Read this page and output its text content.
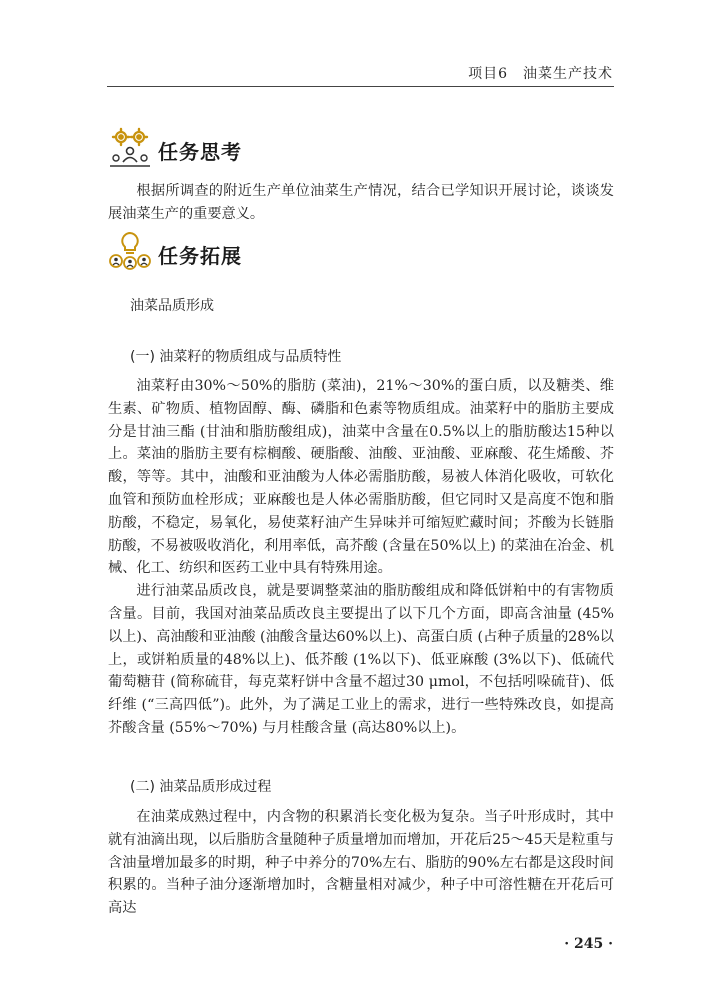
项目6　油菜生产技术
任务思考

根据所调查的附近生产单位油菜生产情况，结合已学知识开展讨论，谈谈发展油菜生产的重要意义。

任务拓展
油菜品质形成
(一) 油菜籽的物质组成与品质特性

油菜籽由30%～50%的脂肪 (菜油)，21%～30%的蛋白质，以及糖类、维生素、矿物质、植物固醇、酶、磷脂和色素等物质组成。油菜籽中的脂肪主要成分是甘油三酯 (甘油和脂肪酸组成)，油菜中含量在0.5%以上的脂肪酸达15种以上。菜油的脂肪主要有棕榈酸、硬脂酸、油酸、亚油酸、亚麻酸、花生烯酸、芥酸，等等。其中，油酸和亚油酸为人体必需脂肪酸，易被人体消化吸收，可软化血管和预防血栓形成；亚麻酸也是人体必需脂肪酸，但它同时又是高度不饱和脂肪酸，不稳定，易氧化，易使菜籽油产生异味并可缩短贮藏时间；芥酸为长链脂肪酸，不易被吸收消化，利用率低，高芥酸 (含量在50%以上) 的菜油在冶金、机械、化工、纺织和医药工业中具有特殊用途。

进行油菜品质改良，就是要调整菜油的脂肪酸组成和降低饼粕中的有害物质含量。目前，我国对油菜品质改良主要提出了以下几个方面，即高含油量 (45%以上)、高油酸和亚油酸 (油酸含量达60%以上)、高蛋白质 (占种子质量的28%以上，或饼粕质量的48%以上)、低芥酸 (1%以下)、低亚麻酸 (3%以下)、低硫代葡萄糖苷 (简称硫苷，每克菜籽饼中含量不超过30 μmol，不包括吲哚硫苷)、低纤维 (“三高四低”)。此外，为了满足工业上的需求，进行一些特殊改良，如提高芥酸含量 (55%～70%) 与月桂酸含量 (高达80%以上)。

(二) 油菜品质形成过程

在油菜成熟过程中，内含物的积累消长变化极为复杂。当子叶形成时，其中就有油滴出现，以后脂肪含量随种子质量增加而增加，开花后25～45天是粒重与含油量增加最多的时期，种子中养分的70%左右、脂肪的90%左右都是这段时间积累的。当种子油分逐渐增加时，含糖量相对减少，种子中可溶性糖在开花后可高达

· 245 ·
